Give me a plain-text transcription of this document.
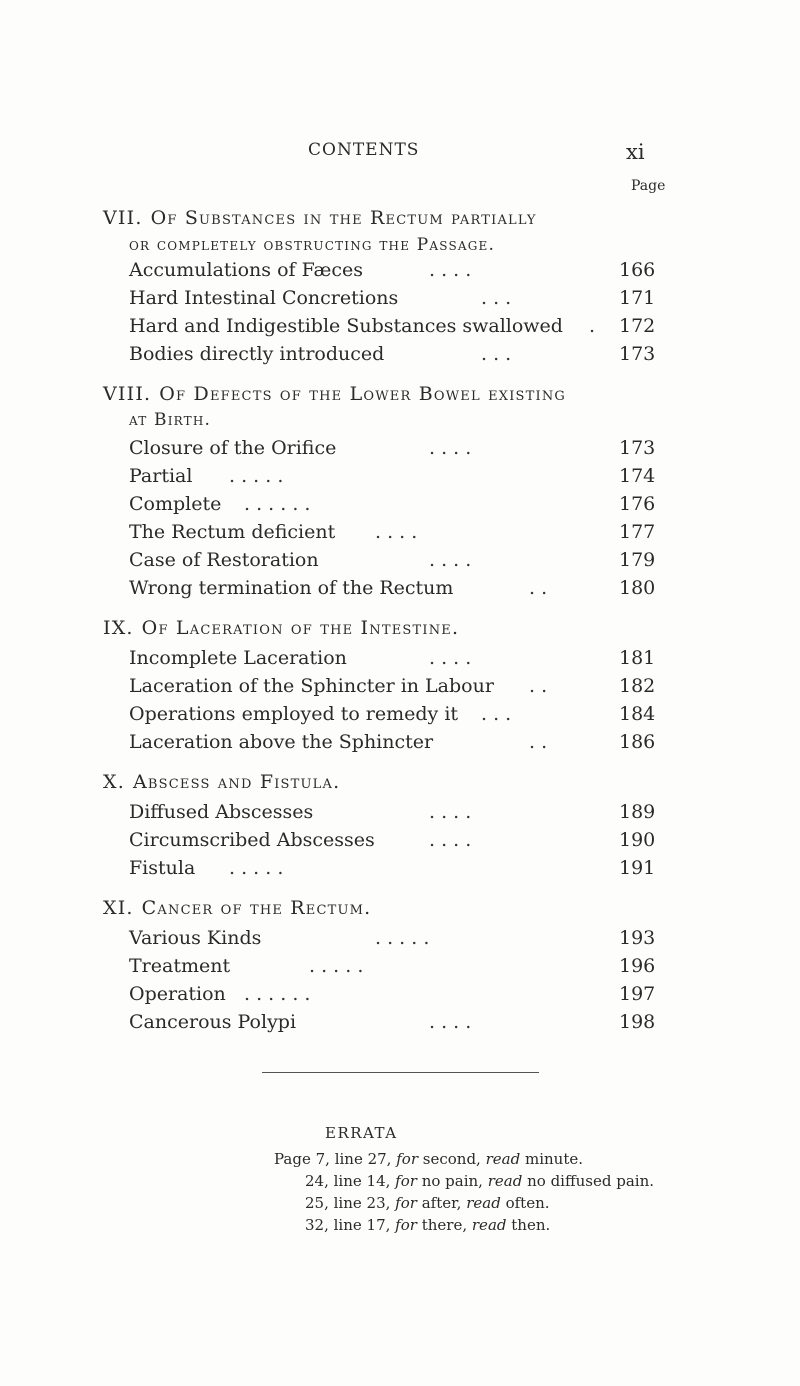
CONTENTS	xi
Page
VII. Of Substances in the Rectum partially
or completely obstructing the Passage.
Accumulations of Fæces	. . . .	166
Hard Intestinal Concretions	. . .	171
Hard and Indigestible Substances swallowed . 172
Bodies directly introduced	. . .	173
VIII. Of Defects of the Lower Bowel existing
at Birth.
Closure of the Orifice	. . . .	173
Partial . . . . .	174
Complete . . . . . .	176
The Rectum deficient . . . .	177
Case of Restoration	. . . .	179
Wrong termination of the Rectum	. .	180
IX. Of Laceration of the Intestine.
Incomplete Laceration	. . . .	181
Laceration of the Sphincter in Labour . .	182
Operations employed to remedy it . . .	184
Laceration above the Sphincter	. .	186
X. Abscess and Fistula.
Diffused Abscesses	. . . .	189
Circumscribed Abscesses	. . . .	190
Fistula . . . . .	191
XI. Cancer of the Rectum.
Various Kinds	. . . . .	193
Treatment	. . . . .	196
Operation . . . . . .	197
Cancerous Polypi	. . . .	198
ERRATA
Page 7, line 27, for second, read minute.
24, line 14, for no pain, read no diffused pain.
25, line 23, for after, read often.
32, line 17, for there, read then.
